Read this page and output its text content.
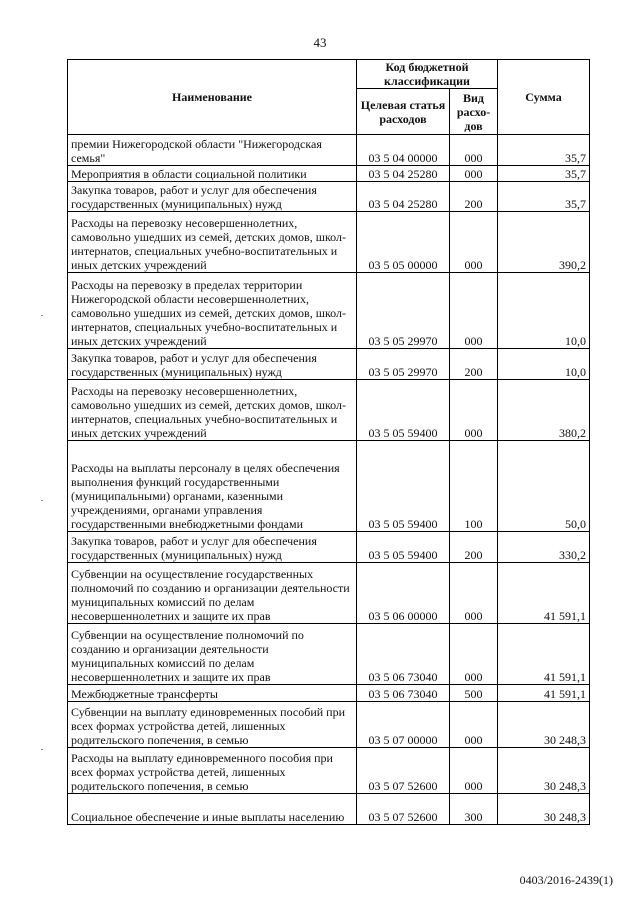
43
Наименование	Код бюджетной классификации		Сумма
	Целевая статья расходов	Вид расхо-дов	
премии Нижегородской области "Нижегородская семья"	03 5 04 00000	000	35,7
Мероприятия в области социальной политики	03 5 04 25280	000	35,7
Закупка товаров, работ и услуг для обеспечения государственных (муниципальных) нужд	03 5 04 25280	200	35,7
Расходы на перевозку несовершеннолетних, самовольно ушедших из семей, детских домов, школ-интернатов, специальных учебно-воспитательных и иных детских учреждений	03 5 05 00000	000	390,2
Расходы на перевозку в пределах территории Нижегородской области несовершеннолетних, самовольно ушедших из семей, детских домов, школ-интернатов, специальных учебно-воспитательных и иных детских учреждений	03 5 05 29970	000	10,0
Закупка товаров, работ и услуг для обеспечения государственных (муниципальных) нужд	03 5 05 29970	200	10,0
Расходы на перевозку несовершеннолетних, самовольно ушедших из семей, детских домов, школ-интернатов, специальных учебно-воспитательных и иных детских учреждений	03 5 05 59400	000	380,2
Расходы на выплаты персоналу в целях обеспечения выполнения функций государственными (муниципальными) органами, казенными учреждениями, органами управления государственными внебюджетными фондами	03 5 05 59400	100	50,0
Закупка товаров, работ и услуг для обеспечения государственных (муниципальных) нужд	03 5 05 59400	200	330,2
Субвенции на осуществление государственных полномочий по созданию и организации деятельности муниципальных комиссий по делам несовершеннолетних и защите их прав	03 5 06 00000	000	41 591,1
Субвенции на осуществление полномочий по созданию и организации деятельности муниципальных комиссий по делам несовершеннолетних и защите их прав	03 5 06 73040	000	41 591,1
Межбюджетные трансферты	03 5 06 73040	500	41 591,1
Субвенции на выплату единовременных пособий при всех формах устройства детей, лишенных родительского попечения, в семью	03 5 07 00000	000	30 248,3
Расходы на выплату единовременного пособия при всех формах устройства детей, лишенных родительского попечения, в семью	03 5 07 52600	000	30 248,3
Социальное обеспечение и иные выплаты населению	03 5 07 52600	300	30 248,3
0403/2016-2439(1)
